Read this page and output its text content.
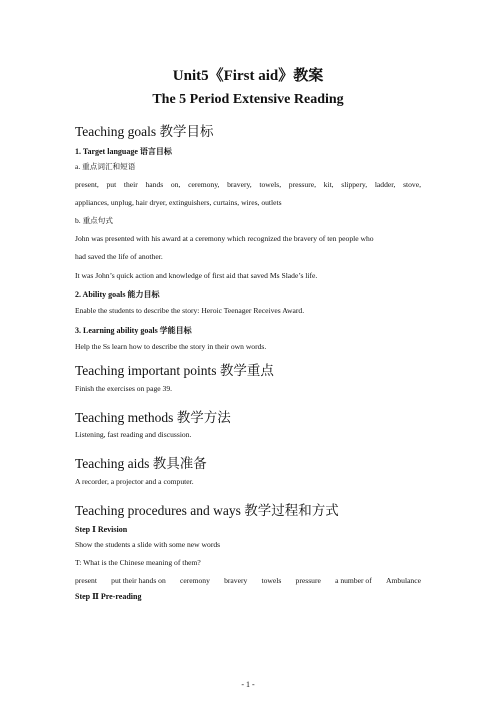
Unit5《First aid》教案
The 5 Period Extensive Reading
Teaching goals 教学目标
1. Target language 语言目标
a. 重点词汇和短语
present, put their hands on, ceremony, bravery, towels, pressure, kit, slippery, ladder, stove,
appliances, unplug, hair dryer, extinguishers, curtains, wires, outlets
b. 重点句式
John was presented with his award at a ceremony which recognized the bravery of ten people who
had saved the life of another.
It was John’s quick action and knowledge of first aid that saved Ms Slade’s life.
2. Ability goals 能力目标
Enable the students to describe the story: Heroic Teenager Receives Award.
3. Learning ability goals 学能目标
Help the Ss learn how to describe the story in their own words.
Teaching important points 教学重点
Finish the exercises on page 39.
Teaching methods 教学方法
Listening, fast reading and discussion.
Teaching aids 教具准备
A recorder, a projector and a computer.
Teaching procedures and ways 教学过程和方式
Step Ⅰ Revision
Show the students a slide with some new words
T: What is the Chinese meaning of them?
present put their hands on ceremony bravery towels pressure a number of Ambulance
Step Ⅱ Pre-reading
- 1 -
